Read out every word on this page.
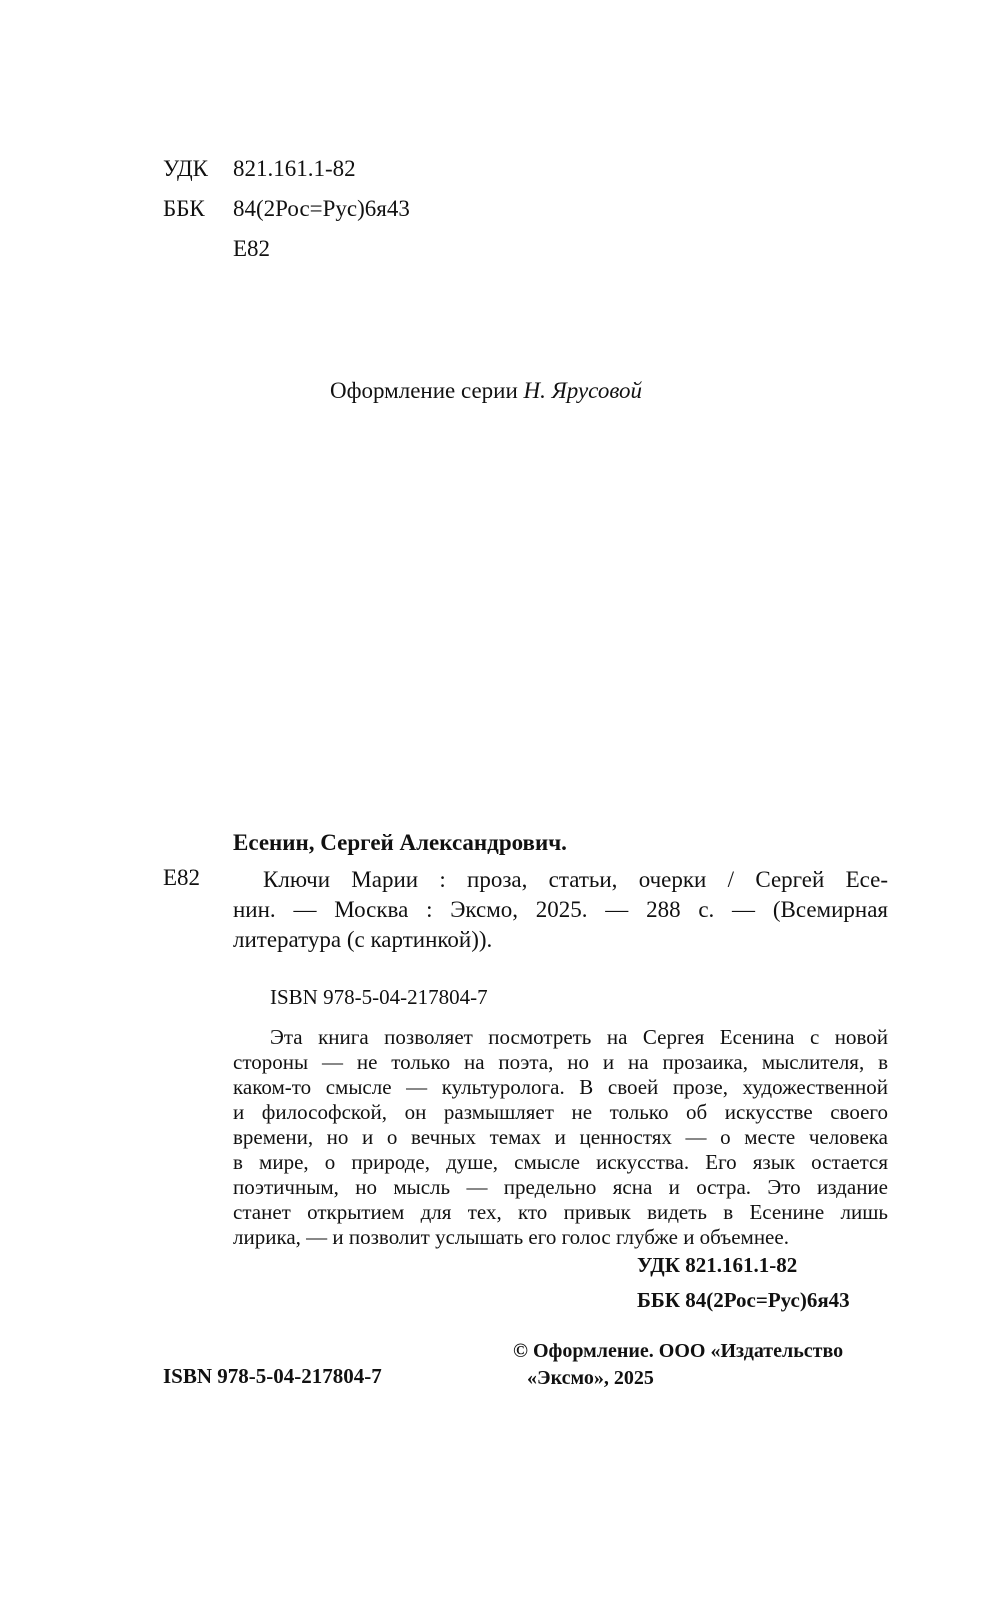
УДК 821.161.1-82
ББК 84(2Рос=Рус)6я43
Е82
Оформление серии Н. Ярусовой
Есенин, Сергей Александрович.
Е82	Ключи Марии : проза, статьи, очерки / Сергей Есе-
нин. — Москва : Эксмо, 2025. — 288 с. — (Всемирная
литература (с картинкой)).
ISBN 978-5-04-217804-7
Эта книга позволяет посмотреть на Сергея Есенина с новой
стороны — не только на поэта, но и на прозаика, мыслителя, в
каком-то смысле — культуролога. В своей прозе, художественной
и философской, он размышляет не только об искусстве своего
времени, но и о вечных темах и ценностях — о месте человека
в мире, о природе, душе, смысле искусства. Его язык остается
поэтичным, но мысль — предельно ясна и остра. Это издание
станет открытием для тех, кто привык видеть в Есенине лишь
лирика, — и позволит услышать его голос глубже и объемнее.
УДК 821.161.1-82
ББК 84(2Рос=Рус)6я43
ISBN 978-5-04-217804-7
© Оформление. ООО «Издательство
«Эксмо», 2025
